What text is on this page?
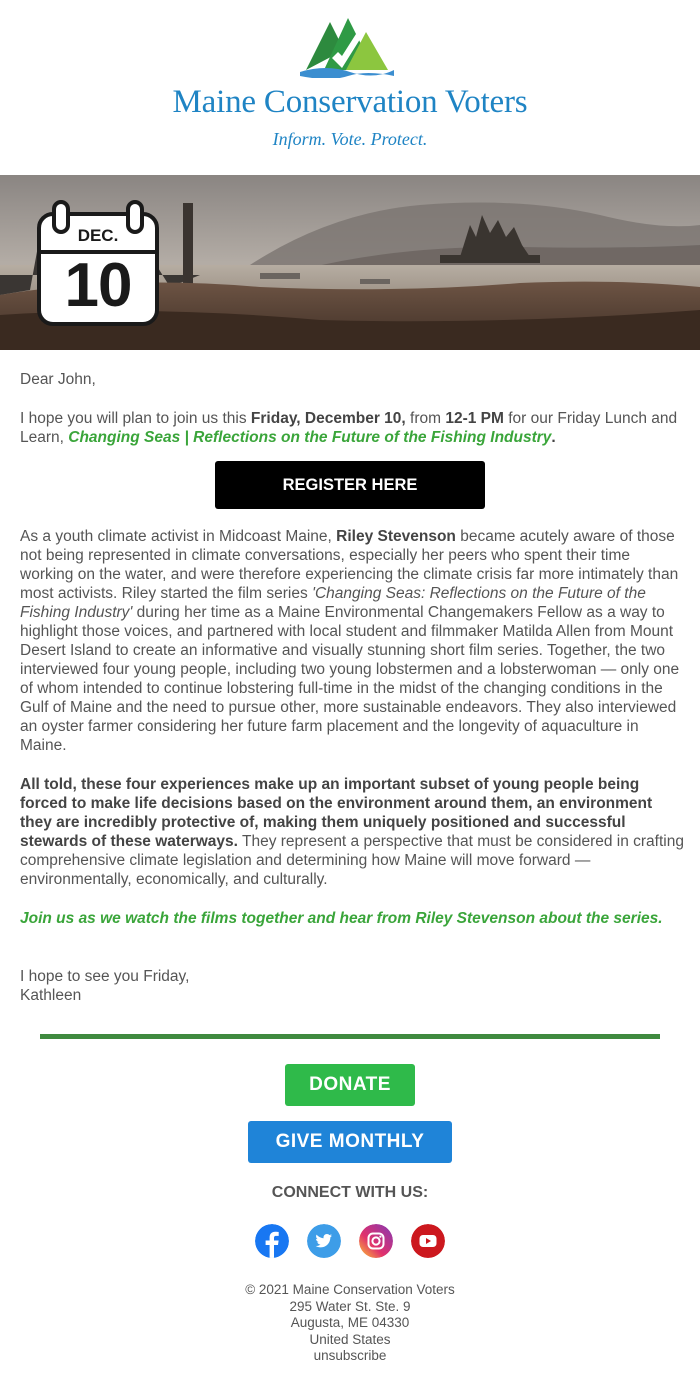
Maine Conservation Voters
Inform. Vote. Protect.
DEC.
10
Dear John,
I hope you will plan to join us this Friday, December 10, from 12-1 PM for our Friday Lunch and Learn, Changing Seas | Reflections on the Future of the Fishing Industry.
REGISTER HERE
As a youth climate activist in Midcoast Maine, Riley Stevenson became acutely aware of those not being represented in climate conversations, especially her peers who spent their time working on the water, and were therefore experiencing the climate crisis far more intimately than most activists. Riley started the film series 'Changing Seas: Reflections on the Future of the Fishing Industry' during her time as a Maine Environmental Changemakers Fellow as a way to highlight those voices, and partnered with local student and filmmaker Matilda Allen from Mount Desert Island to create an informative and visually stunning short film series. Together, the two interviewed four young people, including two young lobstermen and a lobsterwoman — only one of whom intended to continue lobstering full-time in the midst of the changing conditions in the Gulf of Maine and the need to pursue other, more sustainable endeavors. They also interviewed an oyster farmer considering her future farm placement and the longevity of aquaculture in Maine.
All told, these four experiences make up an important subset of young people being forced to make life decisions based on the environment around them, an environment they are incredibly protective of, making them uniquely positioned and successful stewards of these waterways. They represent a perspective that must be considered in crafting comprehensive climate legislation and determining how Maine will move forward — environmentally, economically, and culturally.
Join us as we watch the films together and hear from Riley Stevenson about the series.
I hope to see you Friday,
Kathleen
DONATE
GIVE MONTHLY
CONNECT WITH US:
© 2021 Maine Conservation Voters
295 Water St. Ste. 9
Augusta, ME 04330
United States
unsubscribe
